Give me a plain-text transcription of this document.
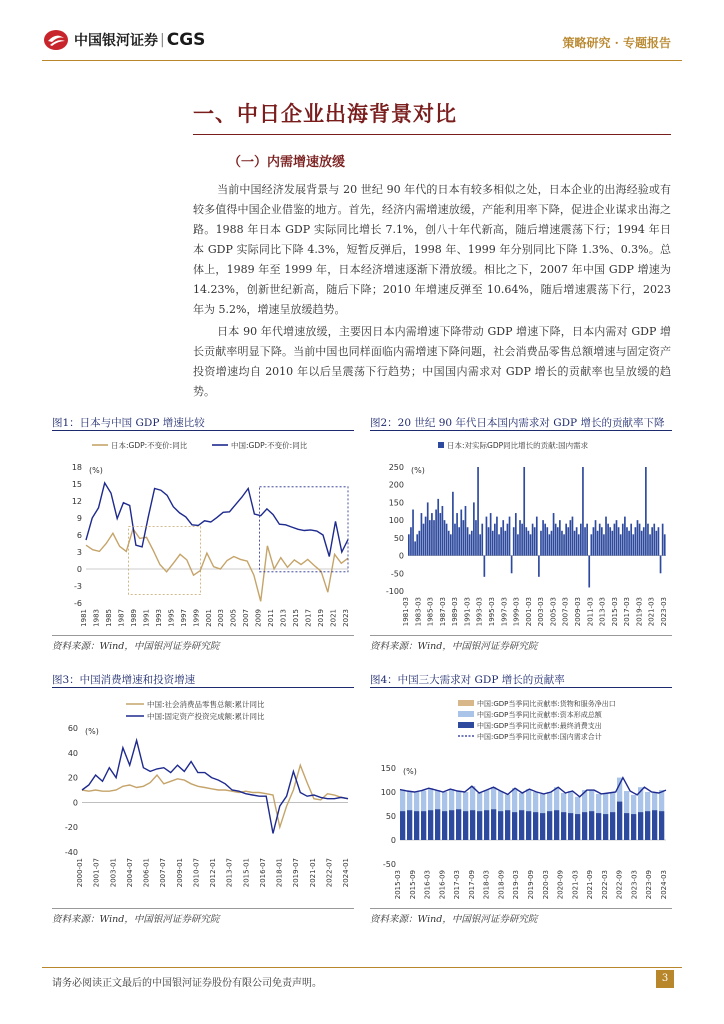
中国银河证券 | CGS	策略研究 · 专题报告
一、中日企业出海背景对比
（一）内需增速放缓
当前中国经济发展背景与 20 世纪 90 年代的日本有较多相似之处，日本企业的出海经验或有较多值得中国企业借鉴的地方。首先，经济内需增速放缓，产能利用率下降，促进企业谋求出海之路。1988 年日本 GDP 实际同比增长 7.1%，创八十年代新高，随后增速震荡下行；1994 年日本 GDP 实际同比下降 4.3%，短暂反弹后，1998 年、1999 年分别同比下降 1.3%、0.3%。总体上，1989 年至 1999 年，日本经济增速逐渐下滑放缓。相比之下，2007 年中国 GDP 增速为 14.23%，创新世纪新高，随后下降；2010 年增速反弹至 10.64%，随后增速震荡下行，2023 年为 5.2%，增速呈放缓趋势。
日本 90 年代增速放缓，主要因日本内需增速下降带动 GDP 增速下降，日本内需对 GDP 增长贡献率明显下降。当前中国也同样面临内需增速下降问题，社会消费品零售总额增速与固定资产投资增速均自 2010 年以后呈震荡下行趋势；中国国内需求对 GDP 增长的贡献率也呈放缓的趋势。
图1：日本与中国 GDP 增速比较
18
15
12
9
6
3
0
-3
-6
(%)
日本:GDP:不变价:同比	中国:GDP:不变价:同比
1981 1983 1985 1987 1989 1991 1993 1995 1997 1999 2001 2003 2005 2007 2009 2011 2013 2015 2017 2019 2021 2023
资料来源：Wind，中国银河证券研究院
图2：20 世纪 90 年代日本国内需求对 GDP 增长的贡献率下降
250
200
150
100
50
0
-50
-100
(%)
日本:对实际GDP同比增长的贡献:国内需求
1981-03 1983-03 1985-03 1987-03 1989-03 1991-03 1993-03 1995-03 1997-03 1999-03 2001-03 2003-03 2005-03 2007-03 2009-03 2011-03 2013-03 2015-03 2017-03 2019-03 2021-03 2023-03
资料来源：Wind，中国银河证券研究院
图3：中国消费增速和投资增速
60
40
20
0
-20
-40
(%)
中国:社会消费品零售总额:累计同比
中国:固定资产投资完成额:累计同比
2000-01 2001-07 2003-01 2004-07 2006-01 2007-07 2009-01 2010-07 2012-01 2013-07 2015-01 2016-07 2018-01 2019-07 2021-01 2022-07 2024-01
资料来源：Wind，中国银河证券研究院
图4：中国三大需求对 GDP 增长的贡献率
150
100
50
0
-50
(%)
中国:GDP当季同比贡献率:货物和服务净出口
中国:GDP当季同比贡献率:资本形成总额
中国:GDP当季同比贡献率:最终消费支出
中国:GDP当季同比贡献率:国内需求合计
2015-03 2015-09 2016-03 2016-09 2017-03 2017-09 2018-03 2018-09 2019-03 2019-09 2020-03 2020-09 2021-03 2021-09 2022-03 2022-09 2023-03 2023-09 2024-03
资料来源：Wind，中国银河证券研究院
请务必阅读正文最后的中国银河证券股份有限公司免责声明。	3
